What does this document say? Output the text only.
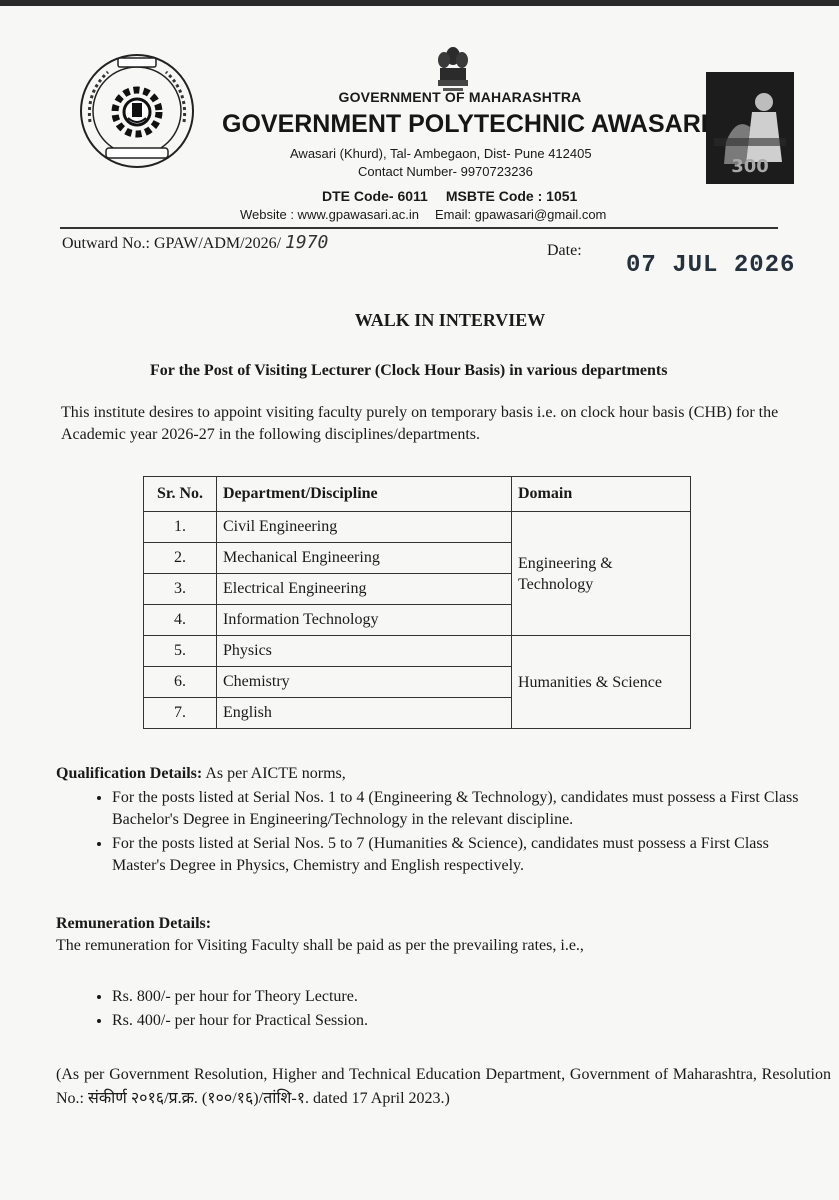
300
GOVERNMENT OF MAHARASHTRA
GOVERNMENT POLYTECHNIC AWASARI
Awasari (Khurd), Tal- Ambegaon, Dist- Pune 412405
Contact Number- 9970723236
DTE Code- 6011 MSBTE Code : 1051
Website : www.gpawasari.ac.in Email: gpawasari@gmail.com
Outward No.: GPAW/ADM/2026/ 1970	Date:
07 JUL 2026
WALK IN INTERVIEW
For the Post of Visiting Lecturer (Clock Hour Basis) in various departments
This institute desires to appoint visiting faculty purely on temporary basis i.e. on clock hour basis (CHB) for the Academic year 2026-27 in the following disciplines/departments.
Sr. No.	Department/Discipline	Domain
1.	Civil Engineering	Engineering & Technology
2.	Mechanical Engineering	
3.	Electrical Engineering	
4.	Information Technology	
5.	Physics	Humanities & Science
6.	Chemistry	
7.	English	
Qualification Details: As per AICTE norms,
• For the posts listed at Serial Nos. 1 to 4 (Engineering & Technology), candidates must possess a First Class Bachelor's Degree in Engineering/Technology in the relevant discipline.
• For the posts listed at Serial Nos. 5 to 7 (Humanities & Science), candidates must possess a First Class Master's Degree in Physics, Chemistry and English respectively.
Remuneration Details:
The remuneration for Visiting Faculty shall be paid as per the prevailing rates, i.e.,
• Rs. 800/- per hour for Theory Lecture.
• Rs. 400/- per hour for Practical Session.
(As per Government Resolution, Higher and Technical Education Department, Government of Maharashtra, Resolution No.: संकीर्ण २०१६/प्र.क्र. (१००/१६)/तांशि-१. dated 17 April 2023.)
